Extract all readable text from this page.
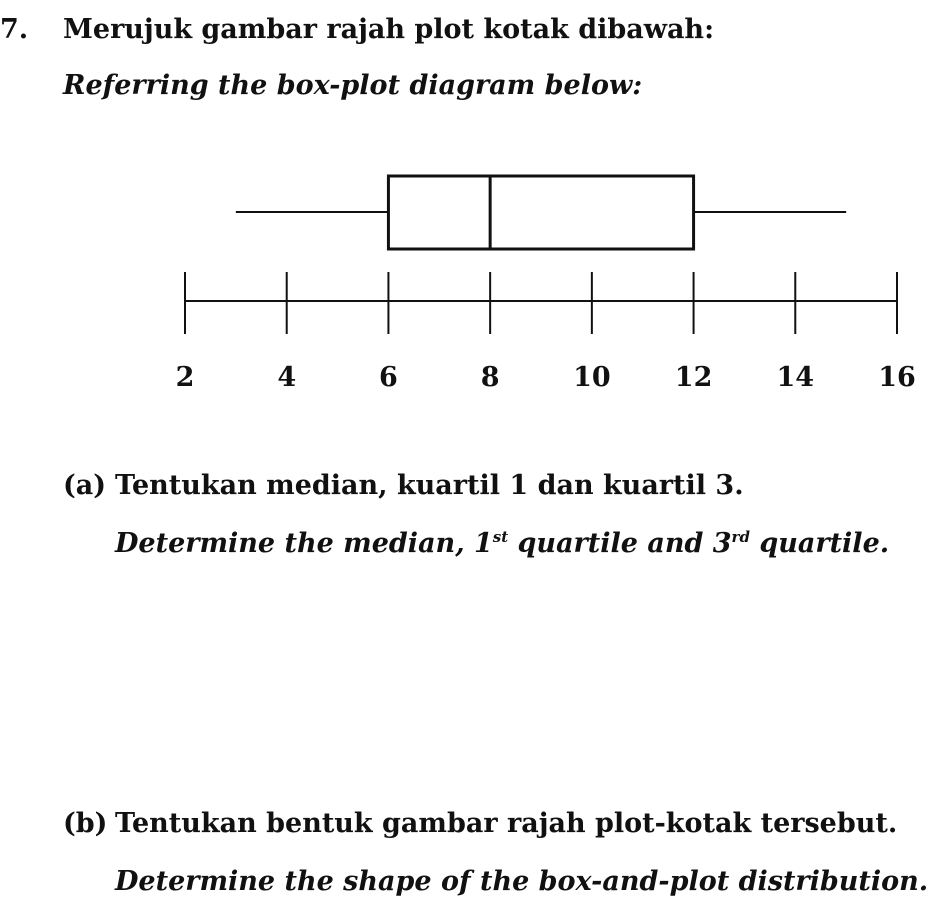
7. Merujuk gambar rajah plot kotak dibawah:
Referring the box-plot diagram below:
2	4	6	8	10 12 14 16
(a) Tentukan median, kuartil 1 dan kuartil 3.
Determine the median, 1st quartile and 3rd quartile.
(b) Tentukan bentuk gambar rajah plot-kotak tersebut.
Determine the shape of the box-and-plot distribution.
